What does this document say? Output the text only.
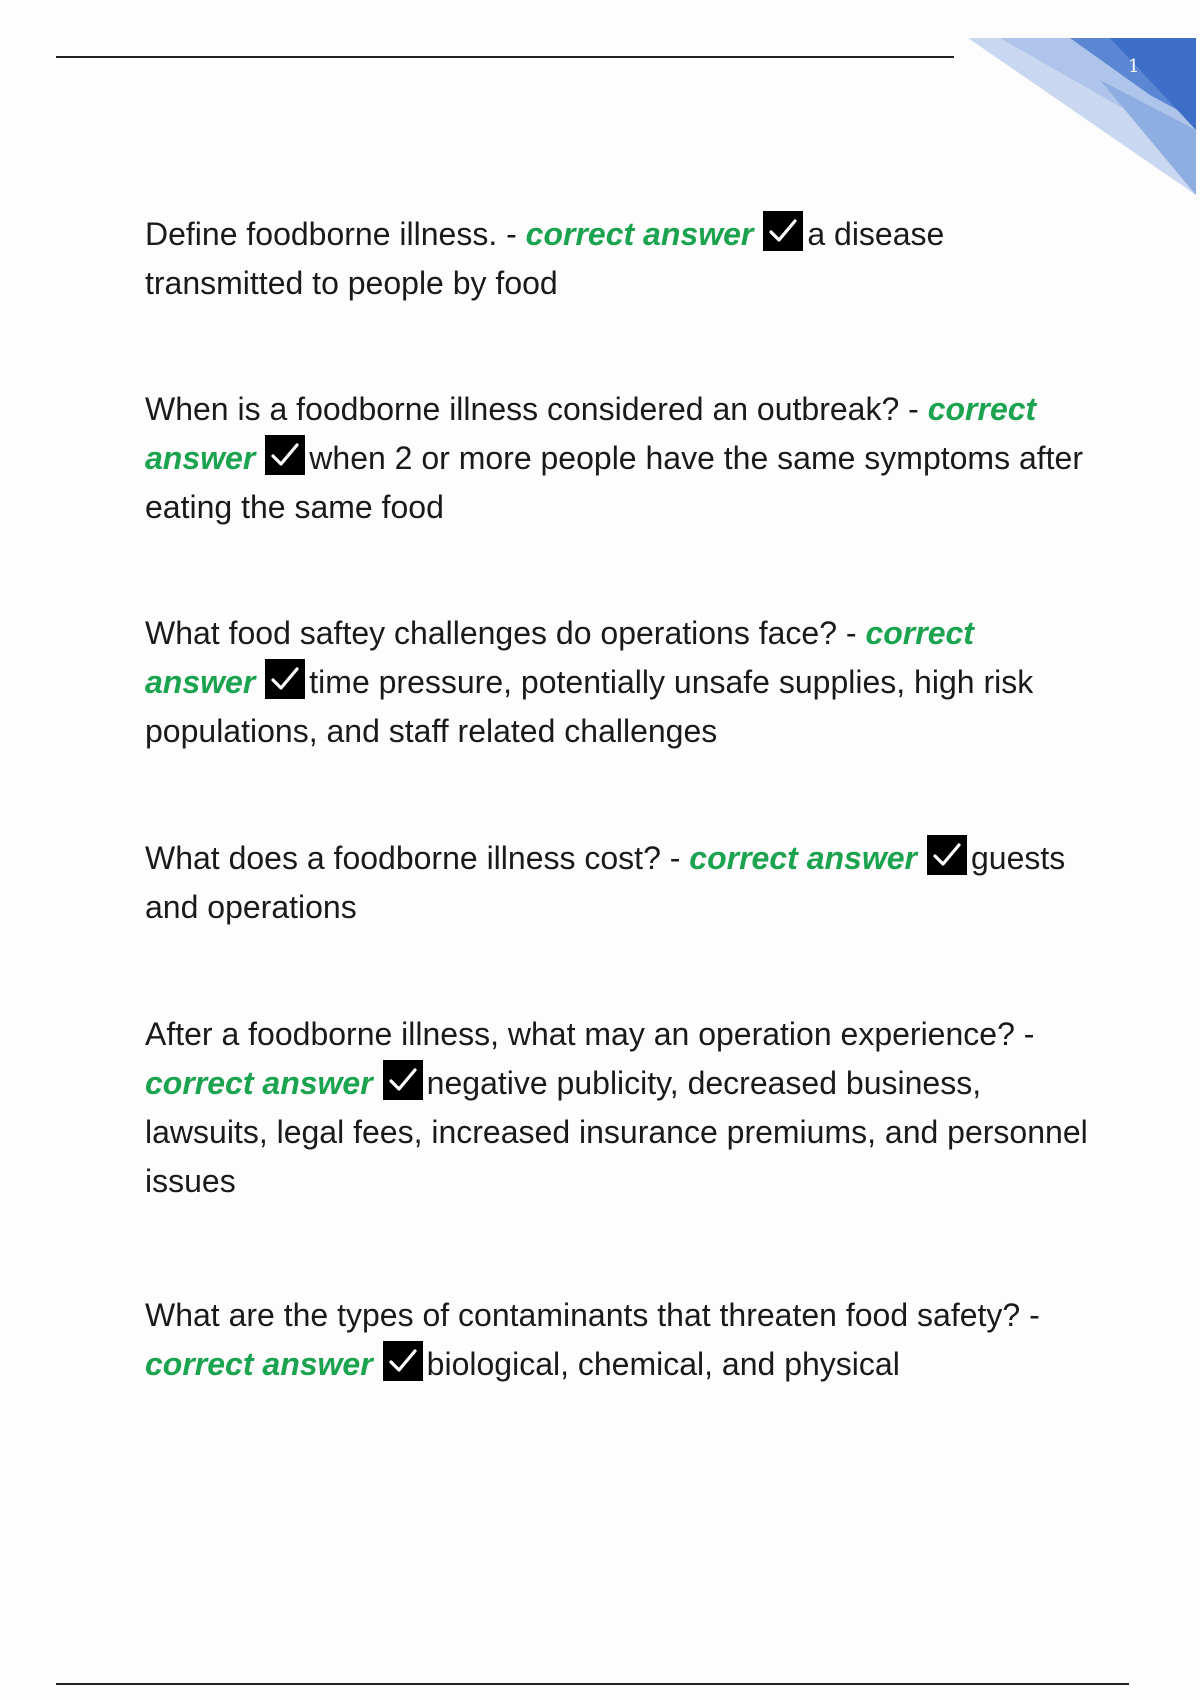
1

Define foodborne illness. - correct answer a disease transmitted to people by food

When is a foodborne illness considered an outbreak? - correct answer when 2 or more people have the same symptoms after eating the same food

What food saftey challenges do operations face? - correct answer time pressure, potentially unsafe supplies, high risk populations, and staff related challenges

What does a foodborne illness cost? - correct answer guests and operations

After a foodborne illness, what may an operation experience? - correct answer negative publicity, decreased business, lawsuits, legal fees, increased insurance premiums, and personnel issues

What are the types of contaminants that threaten food safety? - correct answer biological, chemical, and physical
